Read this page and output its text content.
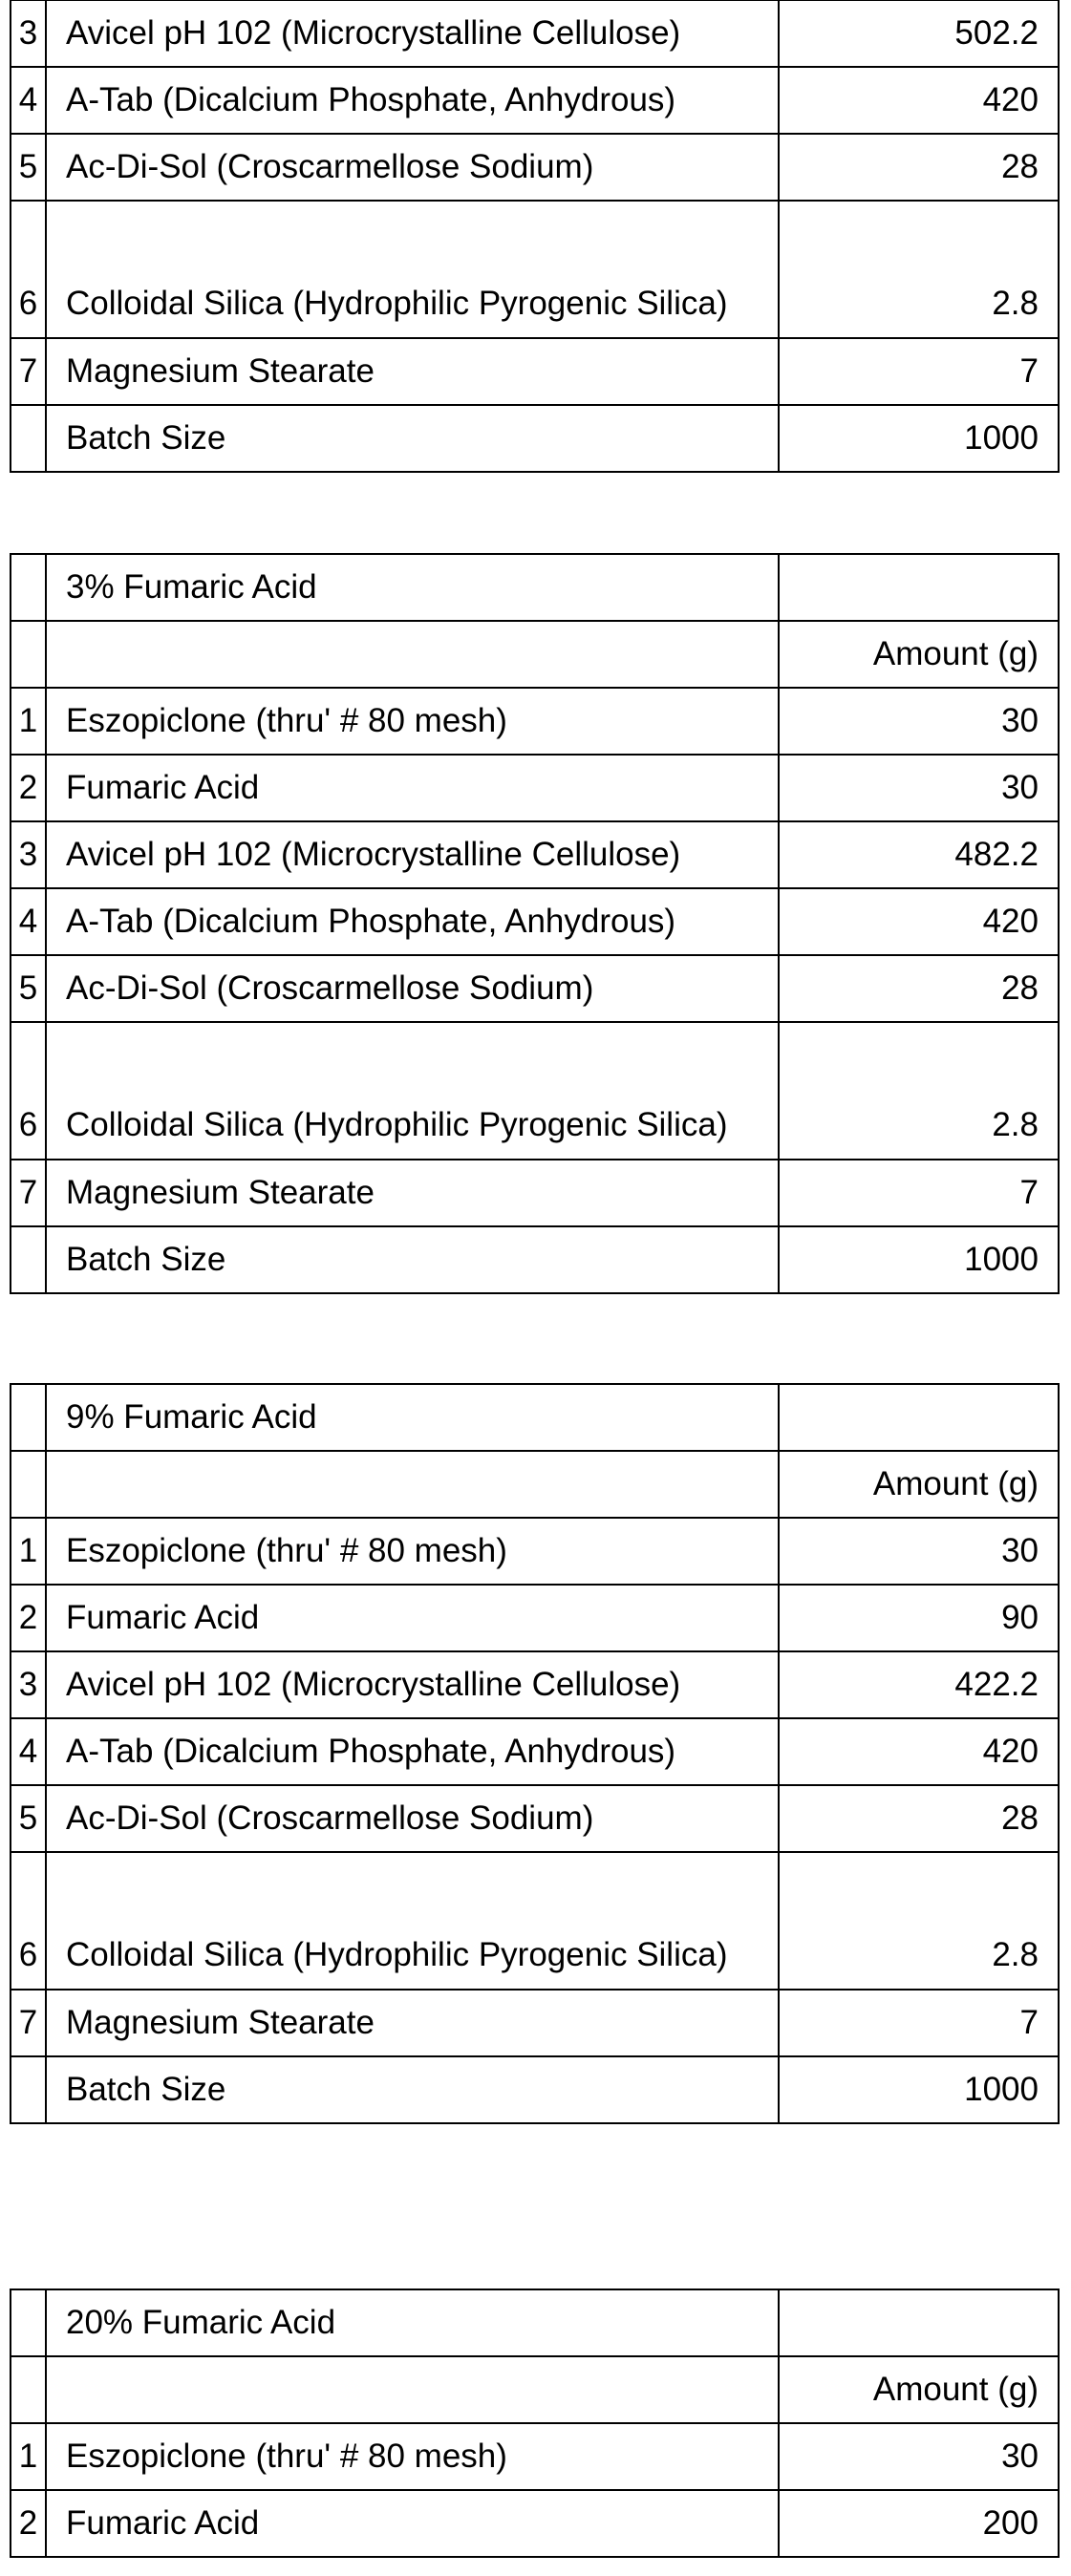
3	Avicel pH 102 (Microcrystalline Cellulose)	502.2
4	A-Tab (Dicalcium Phosphate, Anhydrous)	420
5	Ac-Di-Sol (Croscarmellose Sodium)	28
6	Colloidal Silica (Hydrophilic Pyrogenic Silica)	2.8
7	Magnesium Stearate	7
	Batch Size	1000
	3% Fumaric Acid	
		Amount (g)
1	Eszopiclone (thru' # 80 mesh)	30
2	Fumaric Acid	30
3	Avicel pH 102 (Microcrystalline Cellulose)	482.2
4	A-Tab (Dicalcium Phosphate, Anhydrous)	420
5	Ac-Di-Sol (Croscarmellose Sodium)	28
6	Colloidal Silica (Hydrophilic Pyrogenic Silica)	2.8
7	Magnesium Stearate	7
	Batch Size	1000
	9% Fumaric Acid	
		Amount (g)
1	Eszopiclone (thru' # 80 mesh)	30
2	Fumaric Acid	90
3	Avicel pH 102 (Microcrystalline Cellulose)	422.2
4	A-Tab (Dicalcium Phosphate, Anhydrous)	420
5	Ac-Di-Sol (Croscarmellose Sodium)	28
6	Colloidal Silica (Hydrophilic Pyrogenic Silica)	2.8
7	Magnesium Stearate	7
	Batch Size	1000
	20% Fumaric Acid	
		Amount (g)
1	Eszopiclone (thru' # 80 mesh)	30
2	Fumaric Acid	200
